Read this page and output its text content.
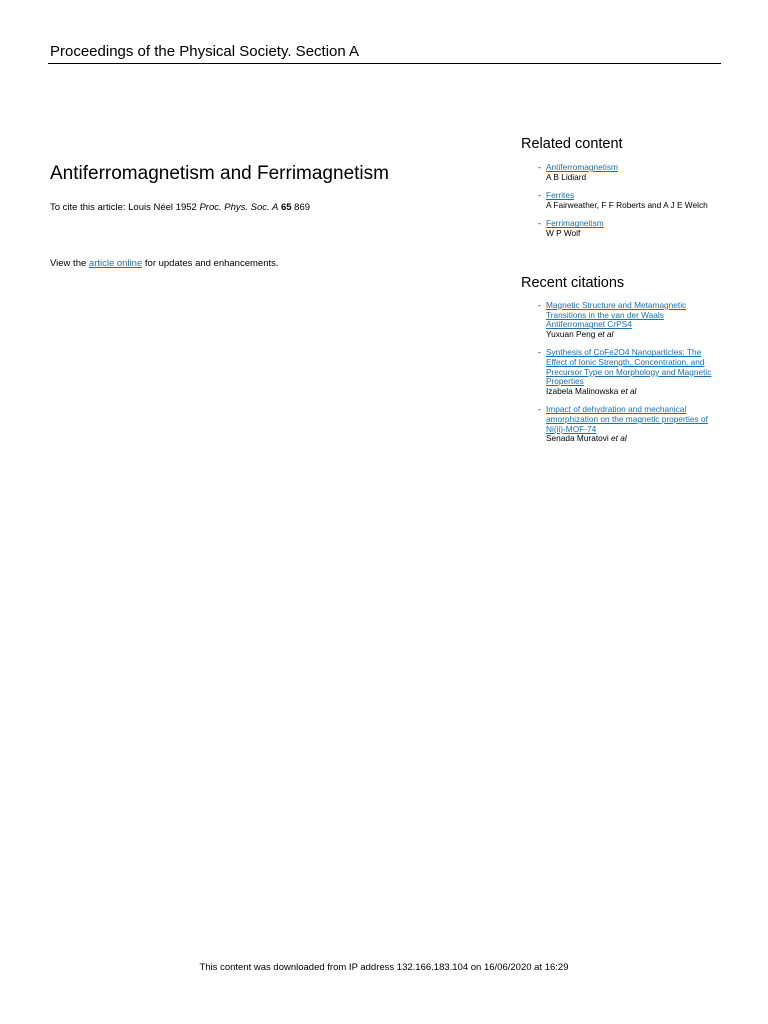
Proceedings of the Physical Society. Section A
Antiferromagnetism and Ferrimagnetism
To cite this article: Louis Néel 1952 Proc. Phys. Soc. A 65 869
View the article online for updates and enhancements.
Related content
- Antiferromagnetism
A B Lidiard
- Ferrites
A Fairweather, F F Roberts and A J E Welch
- Ferrimagnetism
W P Wolf
Recent citations
- Magnetic Structure and Metamagnetic Transitions in the van der Waals Antiferromagnet CrPS4
Yuxuan Peng et al
- Synthesis of CoFe2O4 Nanoparticles: The Effect of Ionic Strength, Concentration, and Precursor Type on Morphology and Magnetic Properties
Izabela Malinowska et al
- Impact of dehydration and mechanical amorphization on the magnetic properties of Ni(ii)-MOF-74
Senada Muratovi et al
This content was downloaded from IP address 132.166.183.104 on 16/06/2020 at 16:29
